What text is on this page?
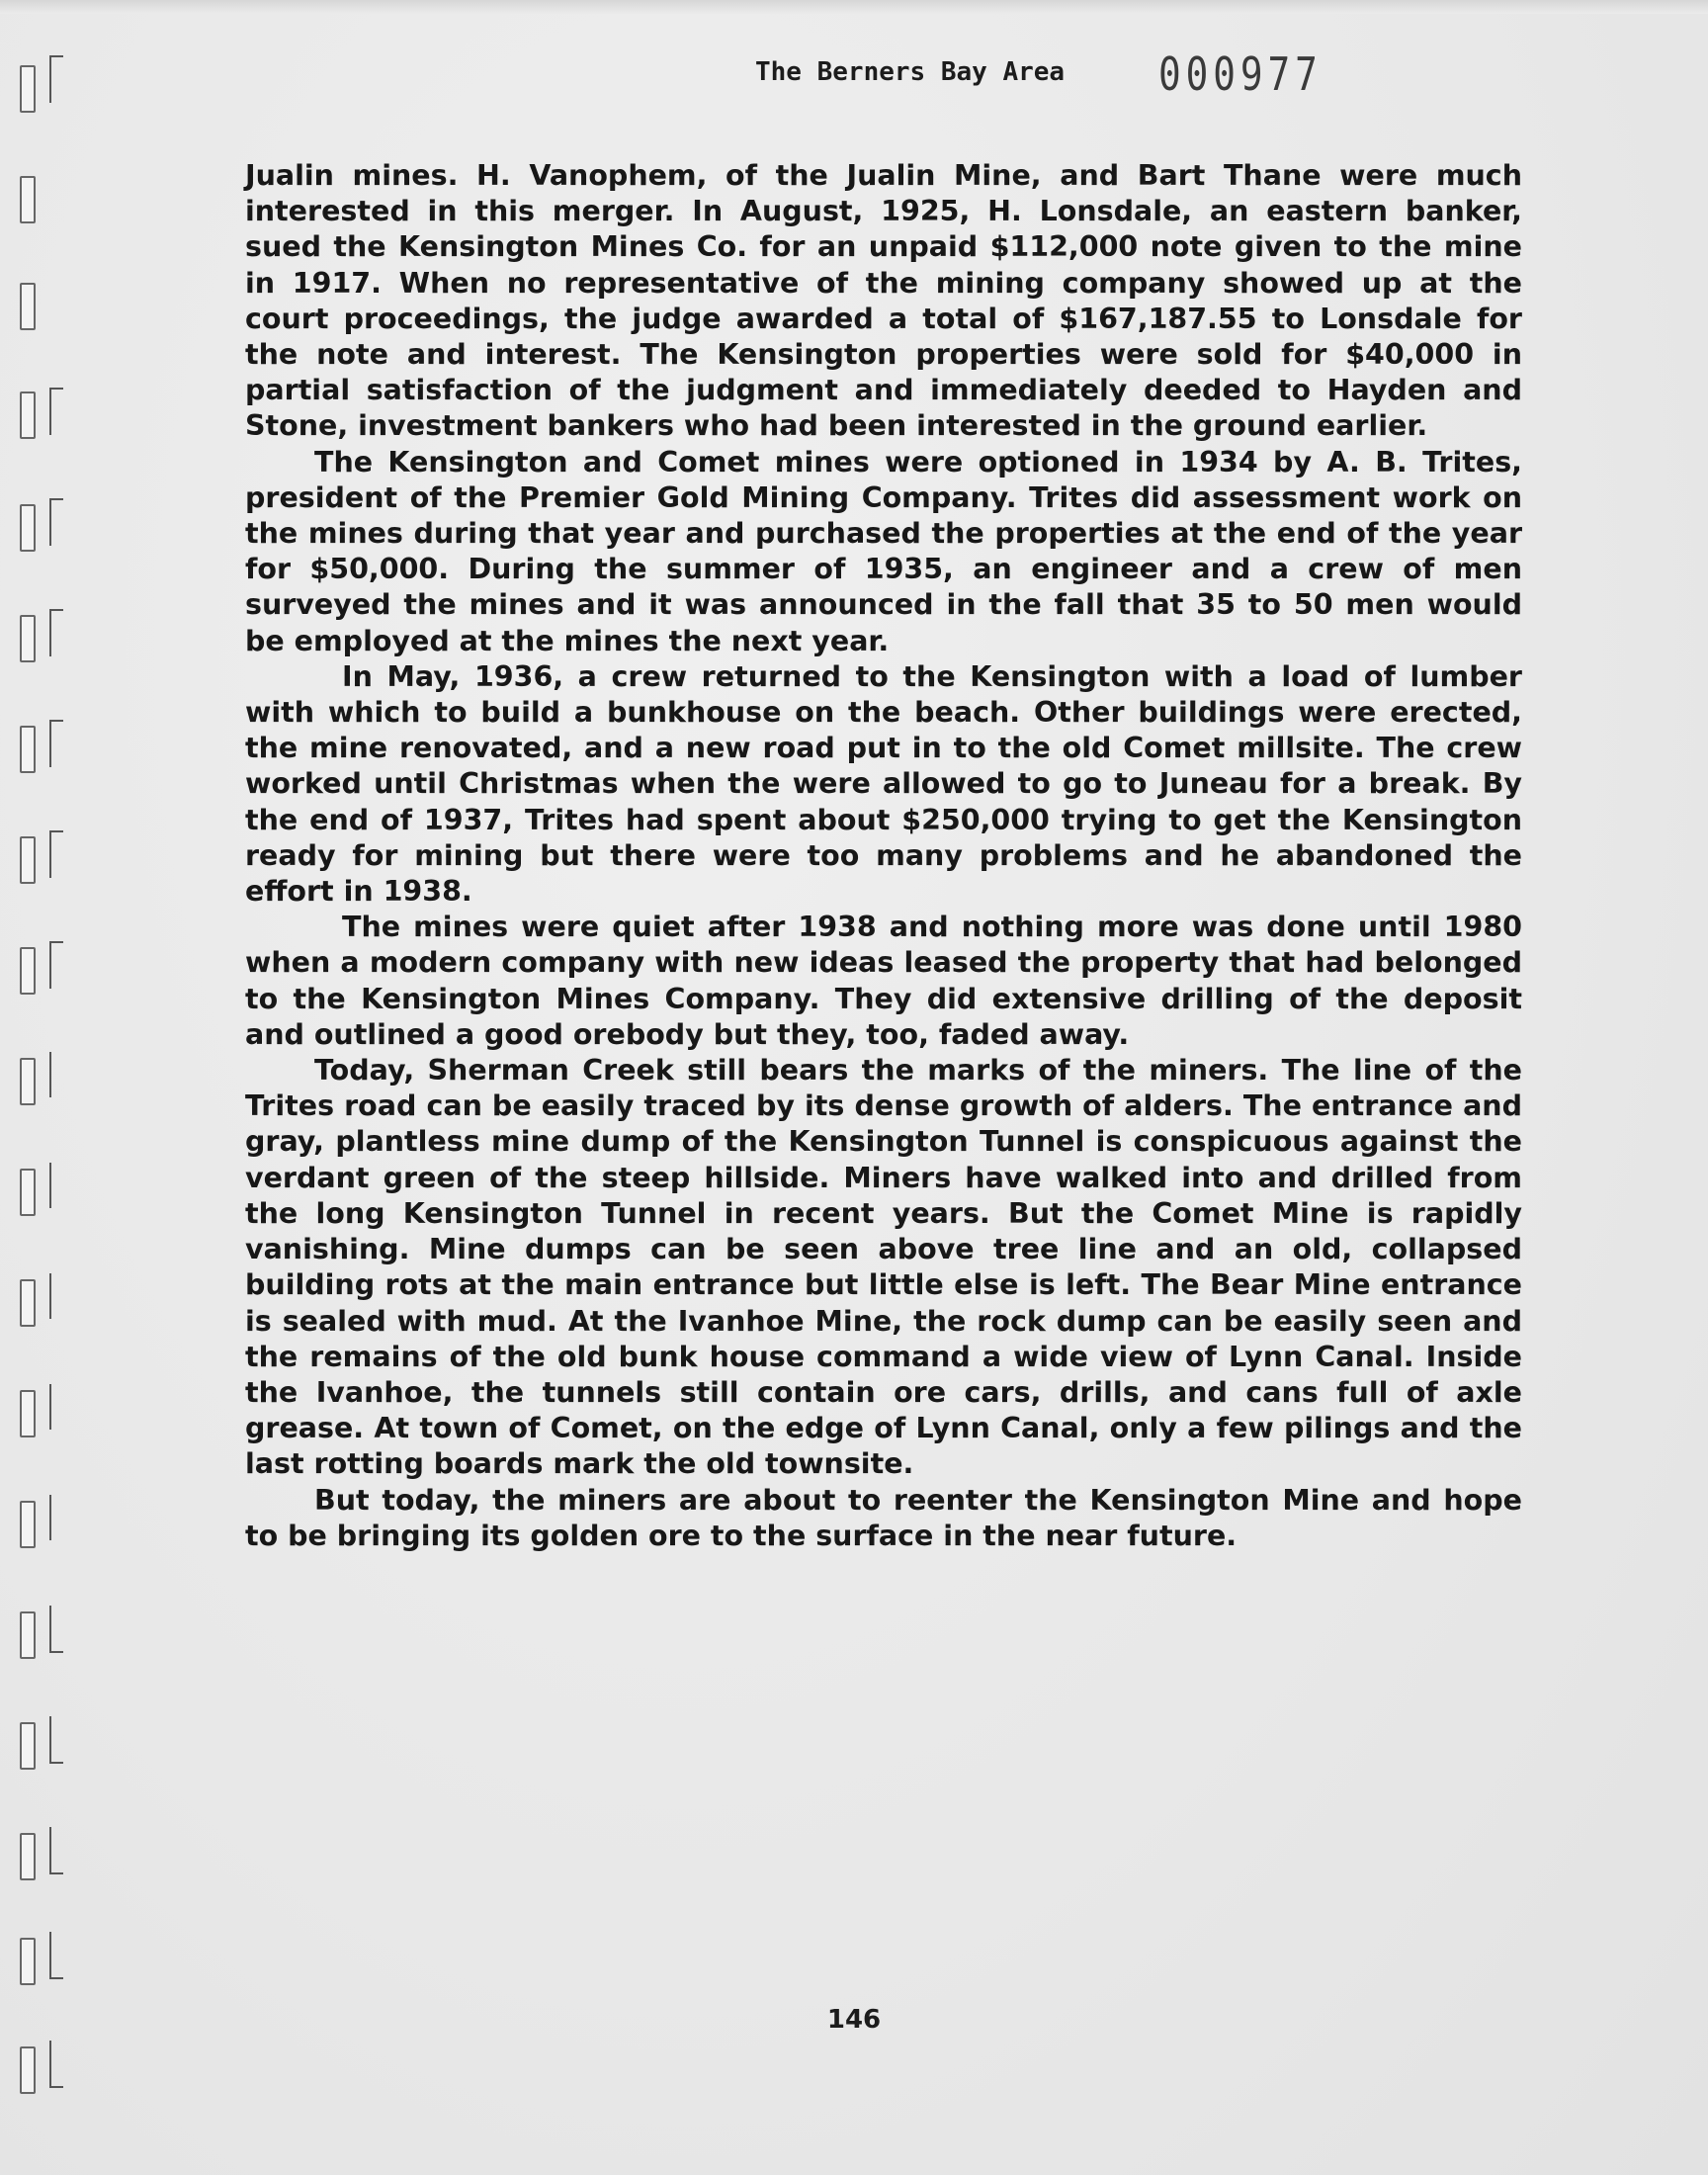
The Berners Bay Area 000977

Jualin mines. H. Vanophem, of the Jualin Mine, and Bart Thane were much interested in this merger. In August, 1925, H. Lonsdale, an eastern banker, sued the Kensington Mines Co. for an unpaid $112,000 note given to the mine in 1917. When no representative of the mining company showed up at the court proceedings, the judge awarded a total of $167,187.55 to Lonsdale for the note and interest. The Kensington properties were sold for $40,000 in partial satisfaction of the judgment and immediately deeded to Hayden and Stone, investment bankers who had been interested in the ground earlier.

The Kensington and Comet mines were optioned in 1934 by A. B. Trites, president of the Premier Gold Mining Company. Trites did assessment work on the mines during that year and purchased the properties at the end of the year for $50,000. During the summer of 1935, an engineer and a crew of men surveyed the mines and it was announced in the fall that 35 to 50 men would be employed at the mines the next year.

In May, 1936, a crew returned to the Kensington with a load of lumber with which to build a bunkhouse on the beach. Other buildings were erected, the mine renovated, and a new road put in to the old Comet millsite. The crew worked until Christmas when the were allowed to go to Juneau for a break. By the end of 1937, Trites had spent about $250,000 trying to get the Kensington ready for mining but there were too many problems and he abandoned the effort in 1938.

The mines were quiet after 1938 and nothing more was done until 1980 when a modern company with new ideas leased the property that had belonged to the Kensington Mines Company. They did extensive drilling of the deposit and outlined a good orebody but they, too, faded away.

Today, Sherman Creek still bears the marks of the miners. The line of the Trites road can be easily traced by its dense growth of alders. The entrance and gray, plantless mine dump of the Kensington Tunnel is conspicuous against the verdant green of the steep hillside. Miners have walked into and drilled from the long Kensington Tunnel in recent years. But the Comet Mine is rapidly vanishing. Mine dumps can be seen above tree line and an old, collapsed building rots at the main entrance but little else is left. The Bear Mine entrance is sealed with mud. At the Ivanhoe Mine, the rock dump can be easily seen and the remains of the old bunk house command a wide view of Lynn Canal. Inside the Ivanhoe, the tunnels still contain ore cars, drills, and cans full of axle grease. At town of Comet, on the edge of Lynn Canal, only a few pilings and the last rotting boards mark the old townsite.

But today, the miners are about to reenter the Kensington Mine and hope to be bringing its golden ore to the surface in the near future.

146
